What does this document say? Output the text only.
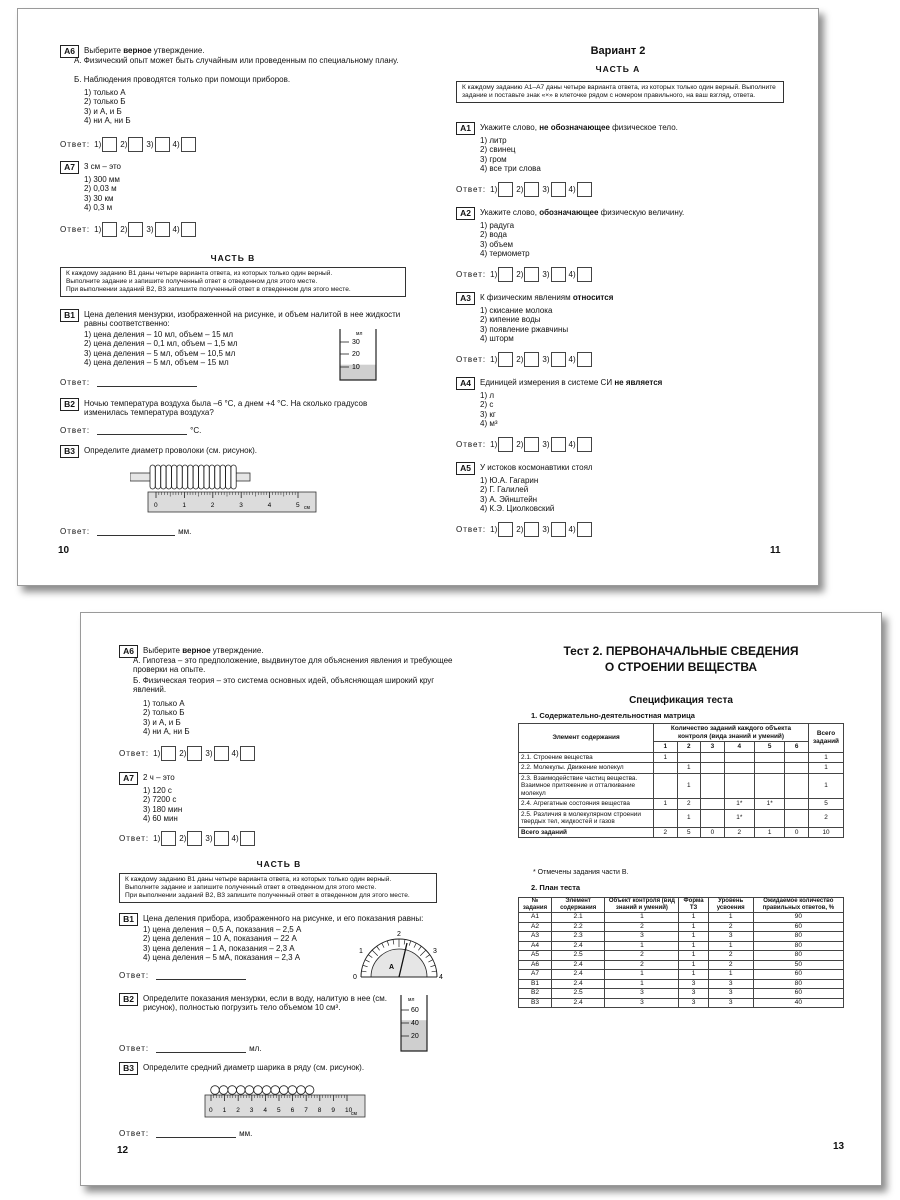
А6	Выберите верное утверждение.
А. Физический опыт может быть случайным или проведенным по специальному плану.
Б. Наблюдения проводятся только при помощи приборов.
1) только А
2) только Б
3) и А, и Б
4) ни А, ни Б
Ответ: 1) 2) 3) 4)
А7	3 см – это
1) 300 мм
2) 0,03 м
3) 30 км
4) 0,3 м
Ответ: 1) 2) 3) 4)
ЧАСТЬ В
К каждому заданию В1 даны четыре варианта ответа, из которых только один верный.
Выполните задание и запишите полученный ответ в отведенном для этого месте.
При выполнении заданий В2, В3 запишите полученный ответ в отведенном для этого месте.
В1	Цена деления мензурки, изображенной на рисунке, и объем налитой в нее жидкости равны соответственно:
1) цена деления – 10 мл, объем – 15 мл
2) цена деления – 0,1 мл, объем – 1,5 мл
3) цена деления – 5 мл, объем – 10,5 мл
4) цена деления – 5 мл, объем – 15 мл
мл
30
20
10
Ответ:
В2	Ночью температура воздуха была –6 °С, а днем +4 °С. На сколько градусов изменилась температура воздуха?
Ответ:	°С.
В3	Определите диаметр проволоки (см. рисунок).
0	1	2	3	4	5 см
Ответ:	мм.
10
Вариант 2
ЧАСТЬ А
К каждому заданию А1–А7 даны четыре варианта ответа, из которых только один верный. Выполните задание и поставьте знак «×» в клеточке рядом с номером правильного, на ваш взгляд, ответа.
А1	Укажите слово, не обозначающее физическое тело.
1) литр
2) свинец
3) гром
4) все три слова
Ответ: 1) 2) 3) 4)
А2	Укажите слово, обозначающее физическую величину.
1) радуга
2) вода
3) объем
4) термометр
Ответ: 1) 2) 3) 4)
А3	К физическим явлениям относится
1) скисание молока
2) кипение воды
3) появление ржавчины
4) шторм
Ответ: 1) 2) 3) 4)
А4	Единицей измерения в системе СИ не является
1) л
2) с
3) кг
4) м³
Ответ: 1) 2) 3) 4)
А5	У истоков космонавтики стоял
1) Ю.А. Гагарин
2) Г. Галилей
3) А. Эйнштейн
4) К.Э. Циолковский
Ответ: 1) 2) 3) 4)
11
А6	Выберите верное утверждение.
А. Гипотеза – это предположение, выдвинутое для объяснения явления и требующее проверки на опыте.
Б. Физическая теория – это система основных идей, объясняющая широкий круг явлений.
1) только А
2) только Б
3) и А, и Б
4) ни А, ни Б
Ответ: 1) 2) 3) 4)
А7	2 ч – это
1) 120 с
2) 7200 с
3) 180 мин
4) 60 мин
Ответ: 1) 2) 3) 4)
ЧАСТЬ В
К каждому заданию В1 даны четыре варианта ответа, из которых только один верный.
Выполните задание и запишите полученный ответ в отведенном для этого месте.
При выполнении заданий В2, В3 запишите полученный ответ в отведенном для этого месте.
В1	Цена деления прибора, изображенного на рисунке, и его показания равны:
1) цена деления – 0,5 А, показания – 2,5 А
2) цена деления – 10 А, показания – 22 А
3) цена деления – 1 А, показания – 2,3 А
4) цена деления – 5 мА, показания – 2,3 А
1
2
3
4
0
А
Ответ:
В2	Определите показания мензурки, если в воду, налитую в нее (см. рисунок), полностью погрузить тело объемом 10 см³.
мл
60
40
20
Ответ:	мл.
В3	Определите средний диаметр шарика в ряду (см. рисунок).
0 1 2 3 4 5 6 7 8 9 10
см
Ответ:	мм.
12
Тест 2. ПЕРВОНАЧАЛЬНЫЕ СВЕДЕНИЯ
О СТРОЕНИИ ВЕЩЕСТВА
Спецификация теста
1. Содержательно-деятельностная матрица
Элемент содержания	Количество заданий каждого объекта контроля (вида знаний и умений)						Всего заданий
	1	2	3	4	5	6	
2.1. Строение вещества	1						1
2.2. Молекулы. Движение молекул		1					1
2.3. Взаимодействие частиц вещества. Взаимное притяжение и отталкивание молекул		1					1
2.4. Агрегатные состояния вещества	1	2		1*	1*		5
2.5. Различия в молекулярном строении твердых тел, жидкостей и газов		1		1*			2
Всего заданий	2	5	0	2	1	0	10
* Отмечены задания части В.
2. План теста
№ задания	Элемент содержания	Объект контроля (вид знаний и умений)	Форма ТЗ	Уровень усвоения	Ожидаемое количество правильных ответов, %
А1	2.1	1	1	1	90
А2	2.2	2	1	2	60
А3	2.3	3	1	3	80
А4	2.4	1	1	1	80
А5	2.5	2	1	2	80
А6	2.4	2	1	2	50
А7	2.4	1	1	1	60
В1	2.4	1	3	3	80
В2	2.5	3	3	3	60
В3	2.4	3	3	3	40
13
